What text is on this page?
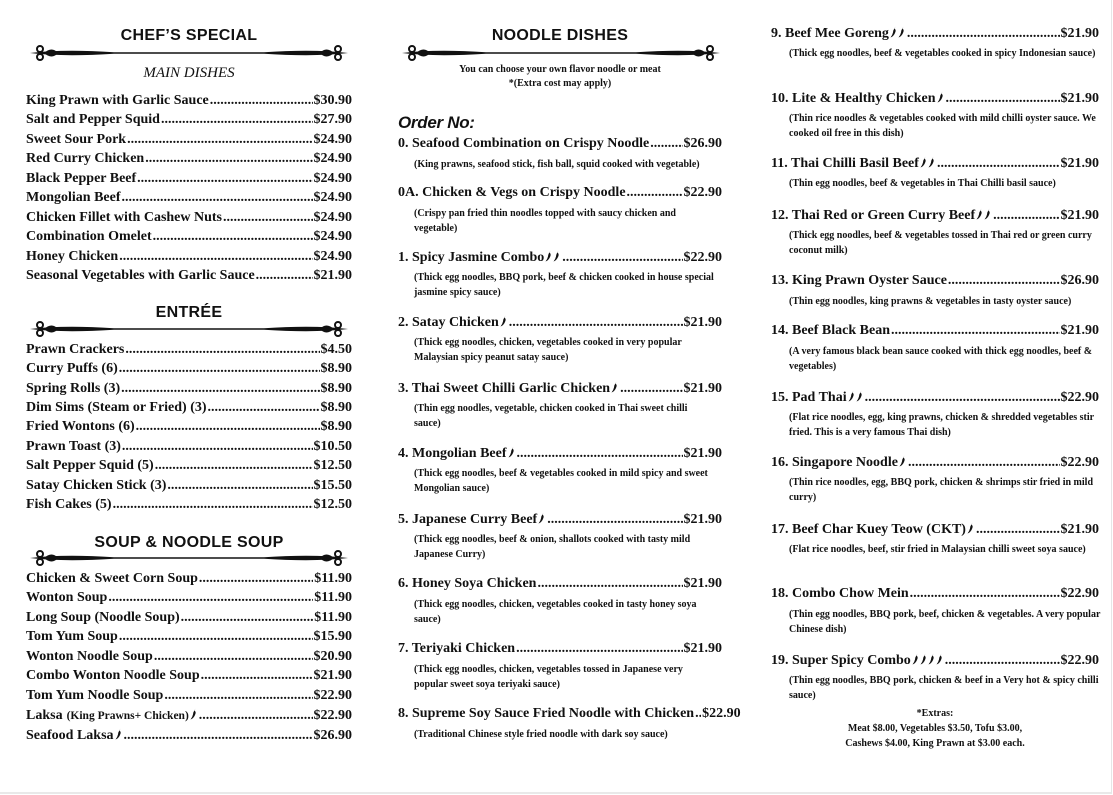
CHEF’S SPECIAL
MAIN DISHES
King Prawn with Garlic Sauce .....	$30.90
Salt and Pepper Squid .....	$27.90
Sweet Sour Pork .....	$24.90
Red Curry Chicken .....	$24.90
Black Pepper Beef .....	$24.90
Mongolian Beef .....	$24.90
Chicken Fillet with Cashew Nuts .....	$24.90
Combination Omelet .....	$24.90
Honey Chicken .....	$24.90
Seasonal Vegetables with Garlic Sauce .....	$21.90
ENTRÉE
Prawn Crackers .....	$4.50
Curry Puffs (6) .....	$8.90
Spring Rolls (3) .....	$8.90
Dim Sims (Steam or Fried) (3) .....	$8.90
Fried Wontons (6) .....	$8.90
Prawn Toast (3) .....	$10.50
Salt Pepper Squid (5) .....	$12.50
Satay Chicken Stick (3) .....	$15.50
Fish Cakes (5) .....	$12.50
SOUP & NOODLE SOUP
Chicken & Sweet Corn Soup .....	$11.90
Wonton Soup .....	$11.90
Long Soup (Noodle Soup) .....	$11.90
Tom Yum Soup .....	$15.90
Wonton Noodle Soup .....	$20.90
Combo Wonton Noodle Soup .....	$21.90
Tom Yum Noodle Soup .....	$22.90
Laksa (King Prawns+ Chicken) .....	$22.90
Seafood Laksa .....	$26.90
NOODLE DISHES
You can choose your own flavor noodle or meat
*(Extra cost may apply)
Order No:
0. Seafood Combination on Crispy Noodle ..... $26.90
(King prawns, seafood stick, fish ball, squid cooked with vegetable)
0A. Chicken & Vegs on Crispy Noodle .....	$22.90
(Crispy pan fried thin noodles topped with saucy chicken and vegetable)
1. Spicy Jasmine Combo .....	$22.90
(Thick egg noodles, BBQ pork, beef & chicken cooked in house special jasmine spicy sauce)
2. Satay Chicken .....	$21.90
(Thick egg noodles, chicken, vegetables cooked in very popular Malaysian spicy peanut satay sauce)
3. Thai Sweet Chilli Garlic Chicken .....	$21.90
(Thin egg noodles, vegetable, chicken cooked in Thai sweet chilli sauce)
4. Mongolian Beef .....	$21.90
(Thick egg noodles, beef & vegetables cooked in mild spicy and sweet Mongolian sauce)
5. Japanese Curry Beef .....	$21.90
(Thick egg noodles, beef & onion, shallots cooked with tasty mild Japanese Curry)
6. Honey Soya Chicken .....	$21.90
(Thick egg noodles, chicken, vegetables cooked in tasty honey soya sauce)
7. Teriyaki Chicken .....	$21.90
(Thick egg noodles, chicken, vegetables tossed in Japanese very popular sweet soya teriyaki sauce)
8. Supreme Soy Sauce Fried Noodle with Chicken ..... $22.90
(Traditional Chinese style fried noodle with dark soy sauce)
9. Beef Mee Goreng .....	$21.90
(Thick egg noodles, beef & vegetables cooked in spicy Indonesian sauce)
10. Lite & Healthy Chicken .....	$21.90
(Thin rice noodles & vegetables cooked with mild chilli oyster sauce. We cooked oil free in this dish)
11. Thai Chilli Basil Beef .....	$21.90
(Thin egg noodles, beef & vegetables in Thai Chilli basil sauce)
12. Thai Red or Green Curry Beef .....	$21.90
(Thick egg noodles, beef & vegetables tossed in Thai red or green curry coconut milk)
13. King Prawn Oyster Sauce .....	$26.90
(Thin egg noodles, king prawns & vegetables in tasty oyster sauce)
14. Beef Black Bean .....	$21.90
(A very famous black bean sauce cooked with thick egg noodles, beef & vegetables)
15. Pad Thai .....	$22.90
(Flat rice noodles, egg, king prawns, chicken & shredded vegetables stir fried. This is a very famous Thai dish)
16. Singapore Noodle .....	$22.90
(Thin rice noodles, egg, BBQ pork, chicken & shrimps stir fried in mild curry)
17. Beef Char Kuey Teow (CKT) .....	$21.90
(Flat rice noodles, beef, stir fried in Malaysian chilli sweet soya sauce)
18. Combo Chow Mein .....	$22.90
(Thin egg noodles, BBQ pork, beef, chicken & vegetables. A very popular Chinese dish)
19. Super Spicy Combo .....	$22.90
(Thin egg noodles, BBQ pork, chicken & beef in a Very hot & spicy chilli sauce)
*Extras:
Meat $8.00, Vegetables $3.50, Tofu $3.00,
Cashews $4.00, King Prawn at $3.00 each.
